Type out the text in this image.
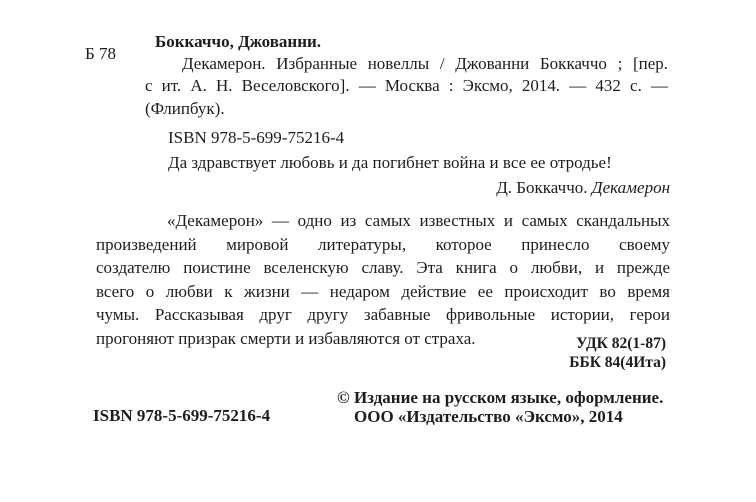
Боккаччо, Джованни.
Б 78
Декамерон. Избранные новеллы / Джованни Боккаччо ; [пер.
с ит. А. Н. Веселовского]. — Москва : Эксмо, 2014. — 432 с. —
(Флипбук).
ISBN 978-5-699-75216-4
Да здравствует любовь и да погибнет война и все ее отродье!
Д. Боккаччо. Декамерон
«Декамерон» — одно из самых известных и самых скандальных
произведений мировой литературы, которое принесло своему
создателю поистине вселенскую славу. Эта книга о любви, и прежде
всего о любви к жизни — недаром действие ее происходит во время
чумы. Рассказывая друг другу забавные фривольные истории, герои
прогоняют призрак смерти и избавляются от страха.	УДК 82(1-87)
ББК 84(4Ита)
© Издание на русском языке, оформление.
ООО «Издательство «Эксмо», 2014
ISBN 978-5-699-75216-4
